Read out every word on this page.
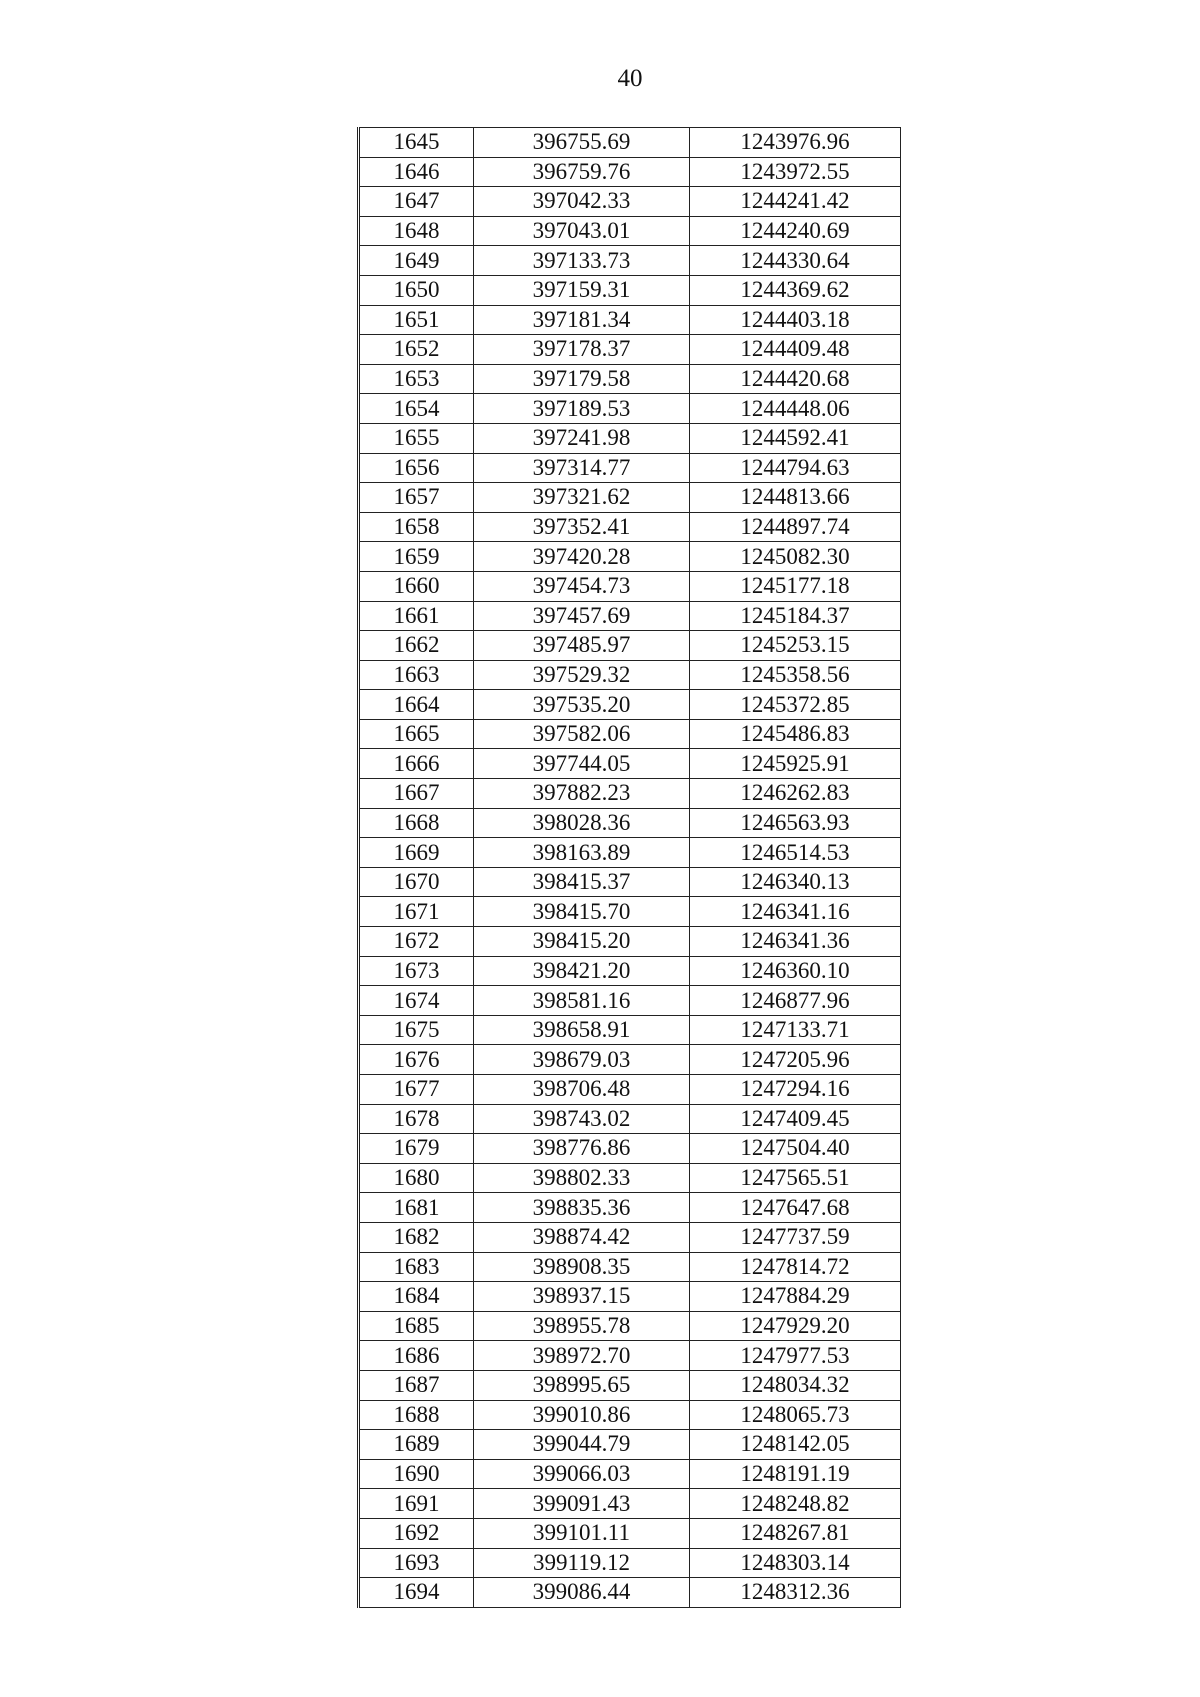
40
1645	396755.69	1243976.96
1646	396759.76	1243972.55
1647	397042.33	1244241.42
1648	397043.01	1244240.69
1649	397133.73	1244330.64
1650	397159.31	1244369.62
1651	397181.34	1244403.18
1652	397178.37	1244409.48
1653	397179.58	1244420.68
1654	397189.53	1244448.06
1655	397241.98	1244592.41
1656	397314.77	1244794.63
1657	397321.62	1244813.66
1658	397352.41	1244897.74
1659	397420.28	1245082.30
1660	397454.73	1245177.18
1661	397457.69	1245184.37
1662	397485.97	1245253.15
1663	397529.32	1245358.56
1664	397535.20	1245372.85
1665	397582.06	1245486.83
1666	397744.05	1245925.91
1667	397882.23	1246262.83
1668	398028.36	1246563.93
1669	398163.89	1246514.53
1670	398415.37	1246340.13
1671	398415.70	1246341.16
1672	398415.20	1246341.36
1673	398421.20	1246360.10
1674	398581.16	1246877.96
1675	398658.91	1247133.71
1676	398679.03	1247205.96
1677	398706.48	1247294.16
1678	398743.02	1247409.45
1679	398776.86	1247504.40
1680	398802.33	1247565.51
1681	398835.36	1247647.68
1682	398874.42	1247737.59
1683	398908.35	1247814.72
1684	398937.15	1247884.29
1685	398955.78	1247929.20
1686	398972.70	1247977.53
1687	398995.65	1248034.32
1688	399010.86	1248065.73
1689	399044.79	1248142.05
1690	399066.03	1248191.19
1691	399091.43	1248248.82
1692	399101.11	1248267.81
1693	399119.12	1248303.14
1694	399086.44	1248312.36
